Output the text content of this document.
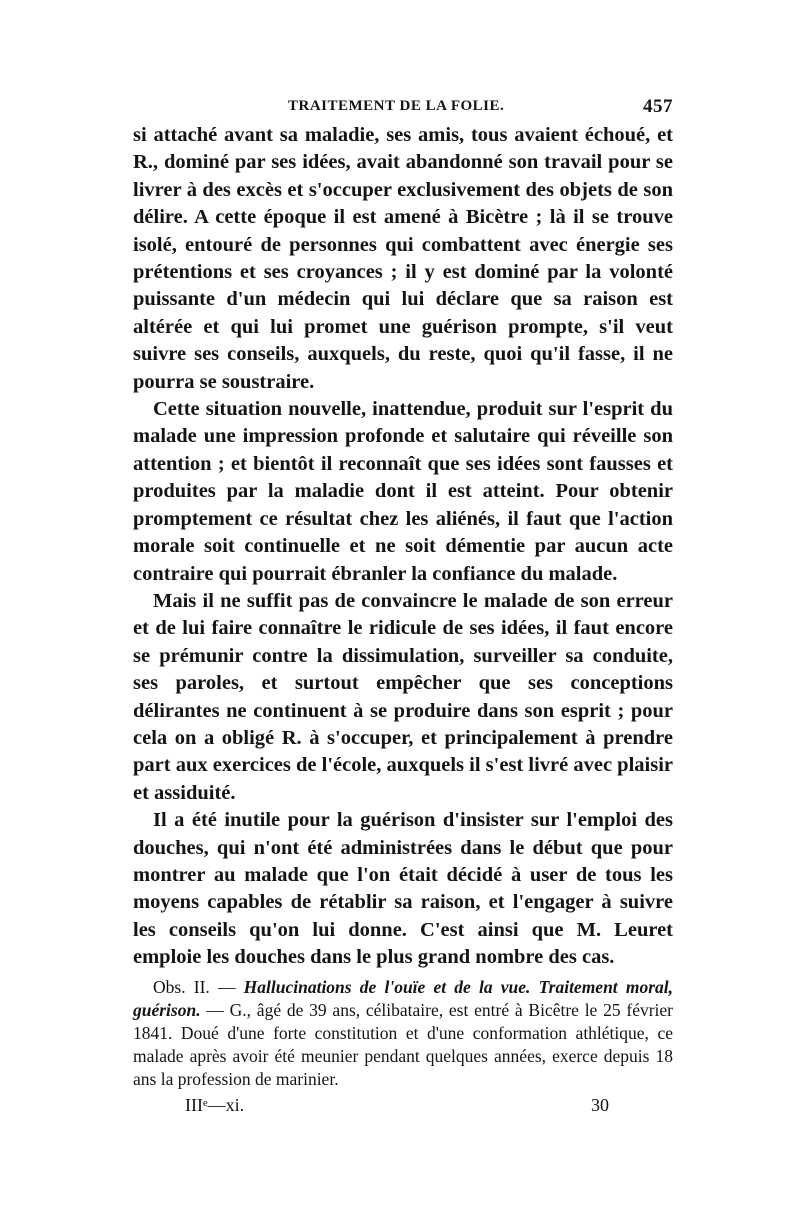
TRAITEMENT DE LA FOLIE.	457

si attaché avant sa maladie, ses amis, tous avaient échoué, et R., dominé par ses idées, avait abandonné son travail pour se livrer à des excès et s'occuper exclusivement des objets de son délire. A cette époque il est amené à Bicètre ; là il se trouve isolé, entouré de personnes qui combattent avec énergie ses prétentions et ses croyances ; il y est dominé par la volonté puissante d'un médecin qui lui déclare que sa raison est altérée et qui lui promet une guérison prompte, s'il veut suivre ses conseils, auxquels, du reste, quoi qu'il fasse, il ne pourra se soustraire.

Cette situation nouvelle, inattendue, produit sur l'esprit du malade une impression profonde et salutaire qui réveille son attention ; et bientôt il reconnaît que ses idées sont fausses et produites par la maladie dont il est atteint. Pour obtenir promptement ce résultat chez les aliénés, il faut que l'action morale soit continuelle et ne soit démentie par aucun acte contraire qui pourrait ébranler la confiance du malade.

Mais il ne suffit pas de convaincre le malade de son erreur et de lui faire connaître le ridicule de ses idées, il faut encore se prémunir contre la dissimulation, surveiller sa conduite, ses paroles, et surtout empêcher que ses conceptions délirantes ne continuent à se produire dans son esprit ; pour cela on a obligé R. à s'occuper, et principalement à prendre part aux exercices de l'école, auxquels il s'est livré avec plaisir et assiduité.

Il a été inutile pour la guérison d'insister sur l'emploi des douches, qui n'ont été administrées dans le début que pour montrer au malade que l'on était décidé à user de tous les moyens capables de rétablir sa raison, et l'engager à suivre les conseils qu'on lui donne. C'est ainsi que M. Leuret emploie les douches dans le plus grand nombre des cas.

Obs. II. — Hallucinations de l'ouïe et de la vue. Traitement moral, guérison. — G., âgé de 39 ans, célibataire, est entré à Bicêtre le 25 février 1841. Doué d'une forte constitution et d'une conformation athlétique, ce malade après avoir été meunier pendant quelques années, exerce depuis 18 ans la profession de marinier.

IIIᵉ—xi.	30
